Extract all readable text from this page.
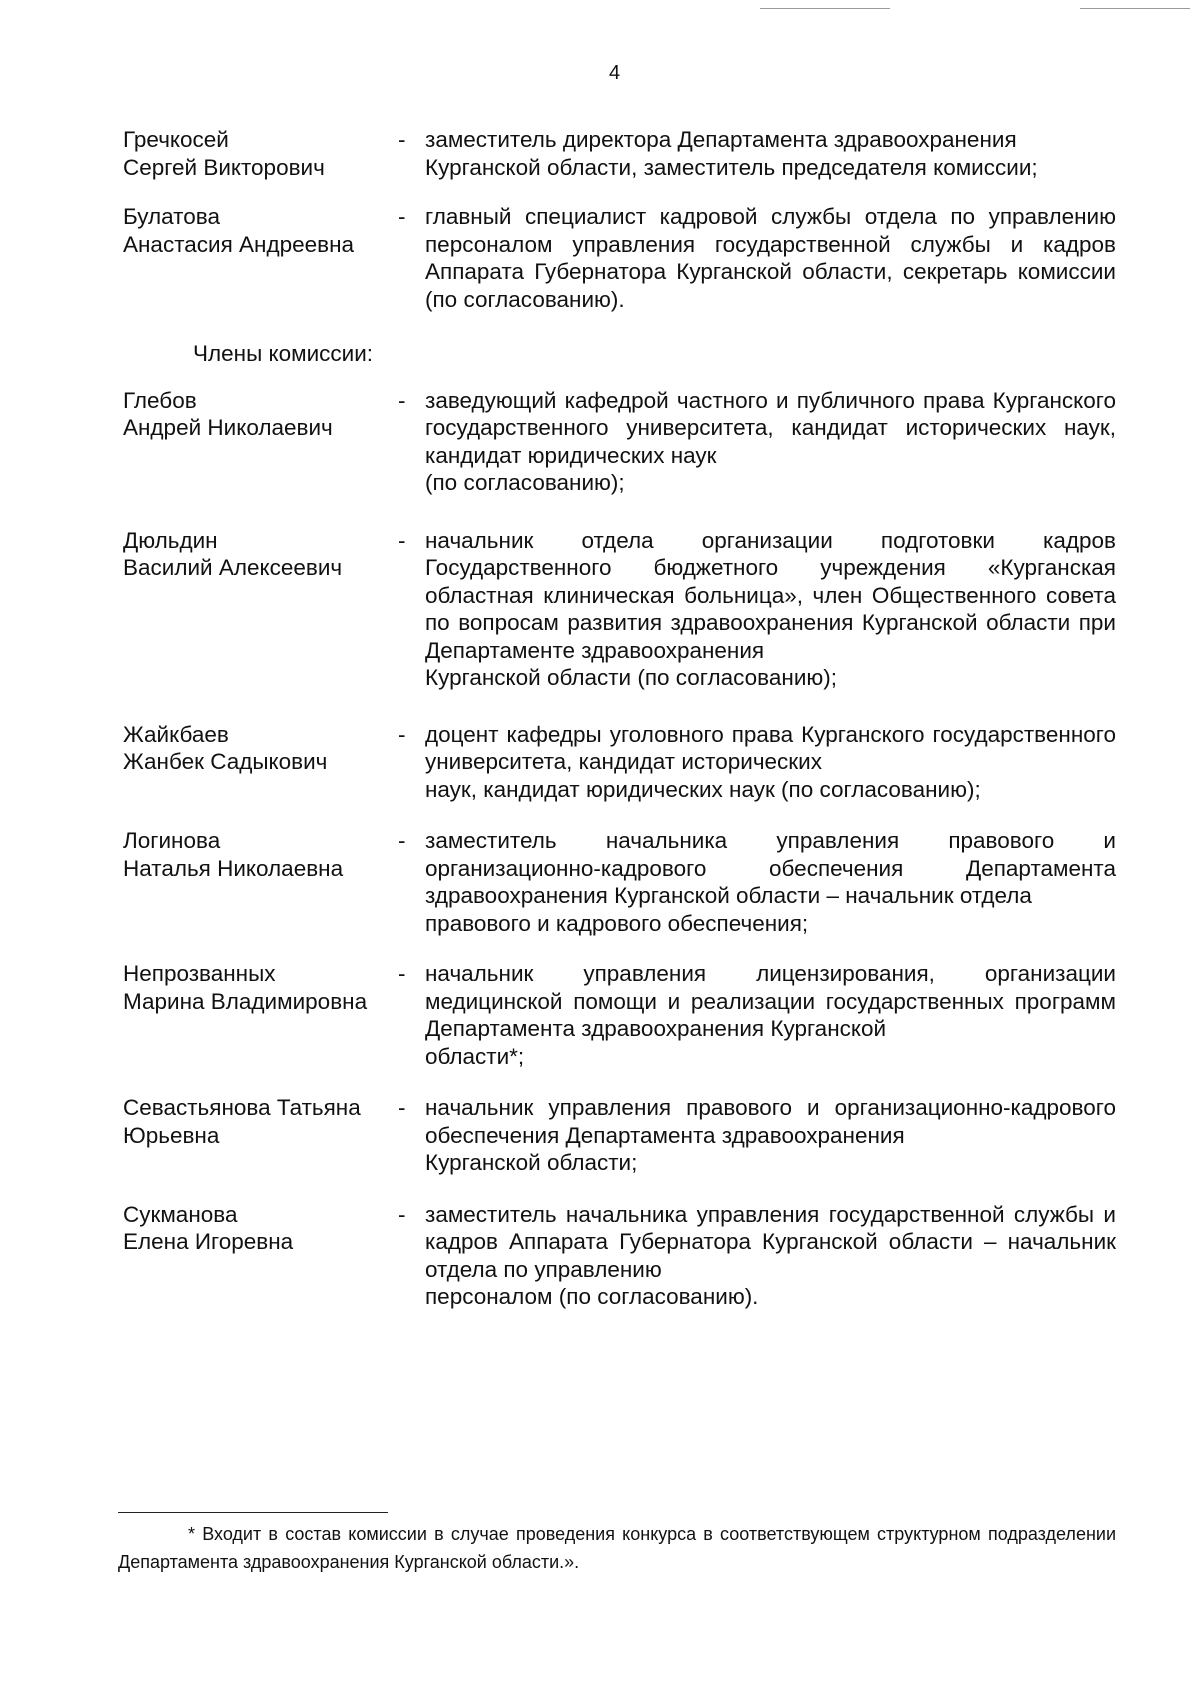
4
Гречкосей
Сергей Викторович
- заместитель директора Департамента здравоохранения
Курганской области, заместитель председателя комиссии;
Булатова
Анастасия Андреевна
- главный специалист кадровой службы отдела по управлению персоналом управления государственной службы и кадров Аппарата Губернатора Курганской области, секретарь комиссии (по согласованию).
Члены комиссии:
Глебов
Андрей Николаевич
- заведующий кафедрой частного и публичного права Курганского государственного университета, кандидат исторических наук, кандидат юридических наук
(по согласованию);
Дюльдин
Василий Алексеевич
- начальник отдела организации подготовки кадров Государственного бюджетного учреждения «Курганская областная клиническая больница», член Общественного совета по вопросам развития здравоохранения Курганской области при Департаменте здравоохранения
Курганской области (по согласованию);
Жайкбаев
Жанбек Садыкович
- доцент кафедры уголовного права Курганского государственного университета, кандидат исторических
наук, кандидат юридических наук (по согласованию);
Логинова
Наталья Николаевна
- заместитель начальника управления правового и организационно-кадрового обеспечения Департамента здравоохранения Курганской области – начальник отдела
правового и кадрового обеспечения;
Непрозванных
Марина Владимировна
- начальник управления лицензирования, организации медицинской помощи и реализации государственных программ Департамента здравоохранения Курганской
области*;
Севастьянова Татьяна
Юрьевна
- начальник управления правового и организационно-кадрового обеспечения Департамента здравоохранения
Курганской области;
Сукманова
Елена Игоревна
- заместитель начальника управления государственной службы и кадров Аппарата Губернатора Курганской области – начальник отдела по управлению
персоналом (по согласованию).
* Входит в состав комиссии в случае проведения конкурса в соответствующем структурном подразделении Департамента здравоохранения Курганской области.».
